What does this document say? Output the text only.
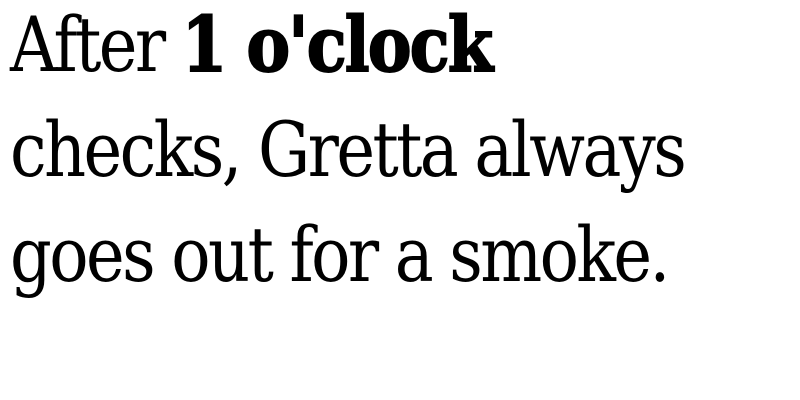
After 1 o'clock
checks, Gretta always
goes out for a smoke.
